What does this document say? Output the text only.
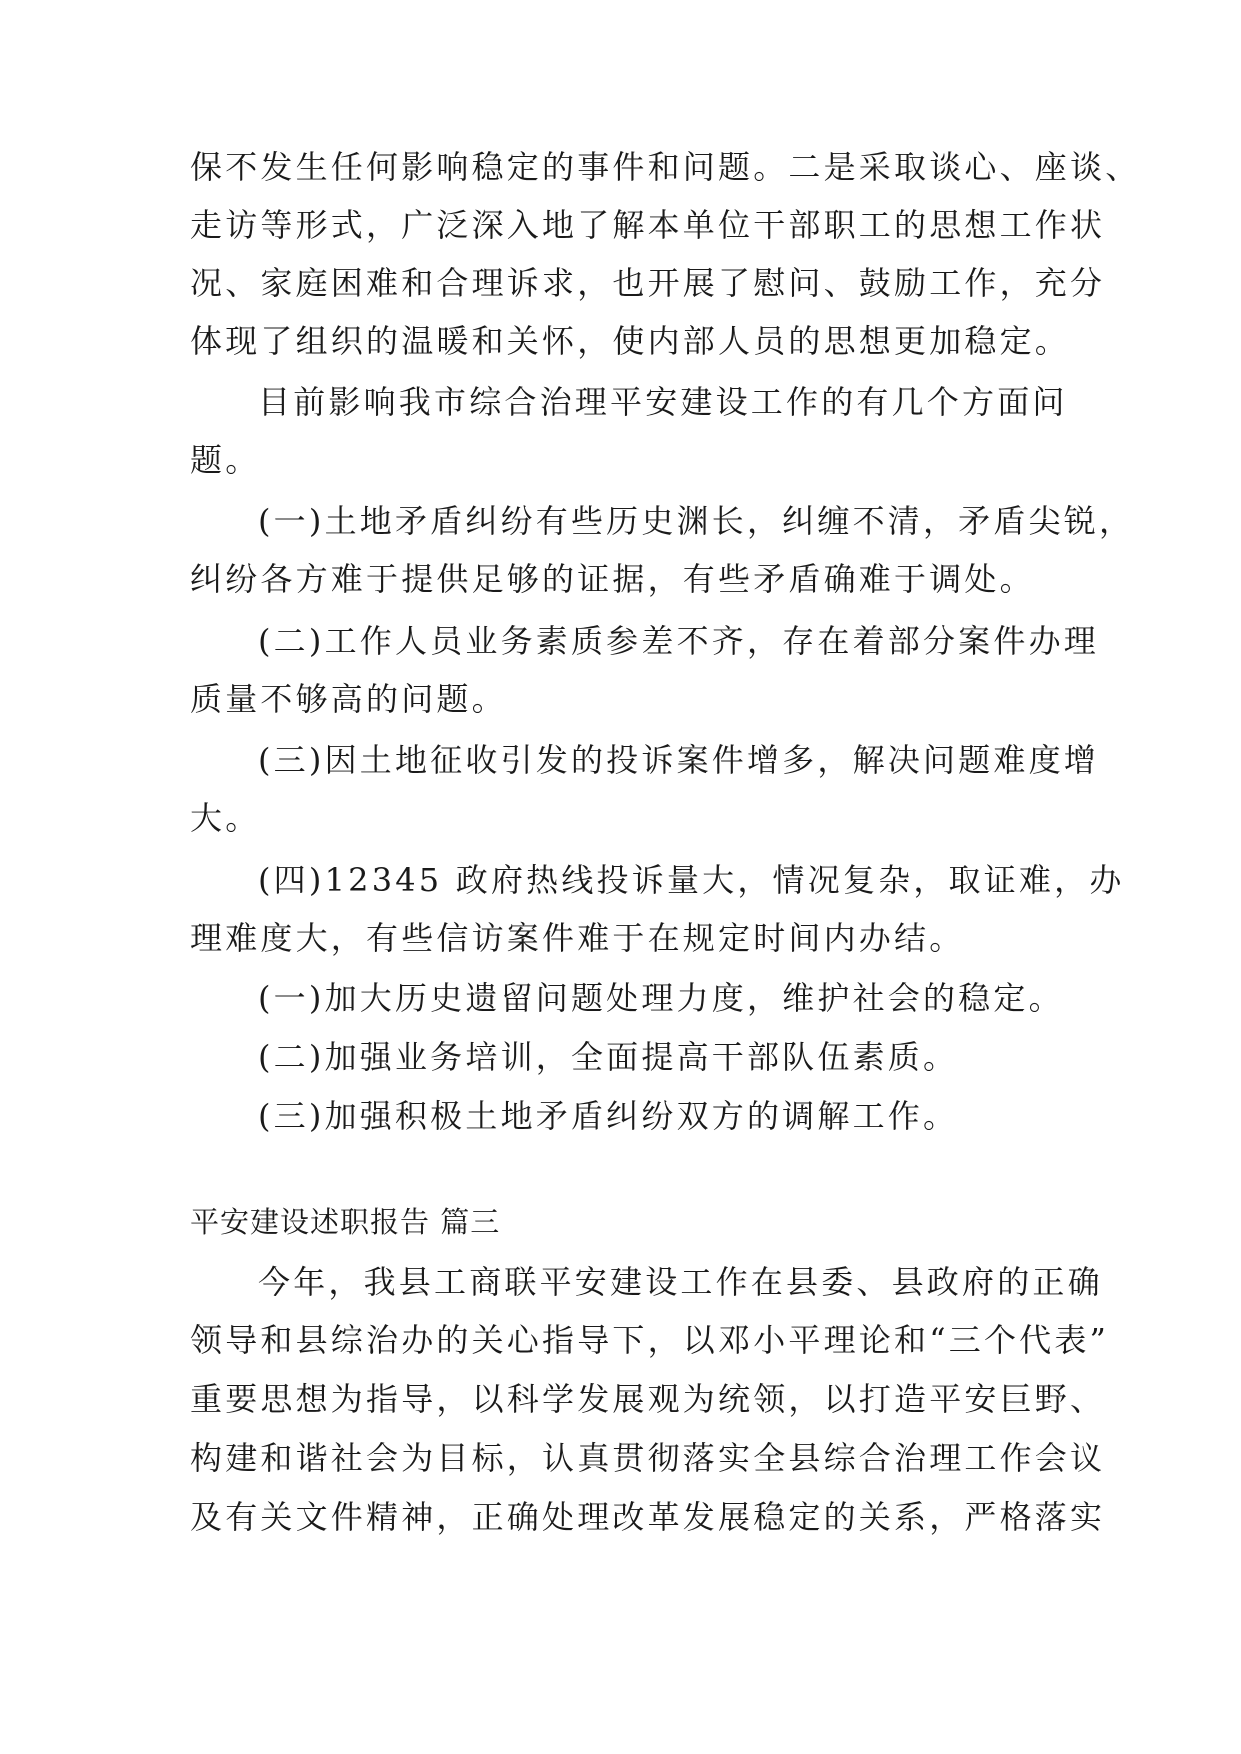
保不发生任何影响稳定的事件和问题。二是采取谈心、座谈、
走访等形式，广泛深入地了解本单位干部职工的思想工作状
况、家庭困难和合理诉求，也开展了慰问、鼓励工作，充分
体现了组织的温暖和关怀，使内部人员的思想更加稳定。
目前影响我市综合治理平安建设工作的有几个方面问
题。
(一)土地矛盾纠纷有些历史渊长，纠缠不清，矛盾尖锐，
纠纷各方难于提供足够的证据，有些矛盾确难于调处。
(二)工作人员业务素质参差不齐，存在着部分案件办理
质量不够高的问题。
(三)因土地征收引发的投诉案件增多，解决问题难度增
大。
(四)12345 政府热线投诉量大，情况复杂，取证难，办
理难度大，有些信访案件难于在规定时间内办结。
(一)加大历史遗留问题处理力度，维护社会的稳定。
(二)加强业务培训，全面提高干部队伍素质。
(三)加强积极土地矛盾纠纷双方的调解工作。
平安建设述职报告 篇三
今年，我县工商联平安建设工作在县委、县政府的正确
领导和县综治办的关心指导下，以邓小平理论和“三个代表”
重要思想为指导，以科学发展观为统领，以打造平安巨野、
构建和谐社会为目标，认真贯彻落实全县综合治理工作会议
及有关文件精神，正确处理改革发展稳定的关系，严格落实
